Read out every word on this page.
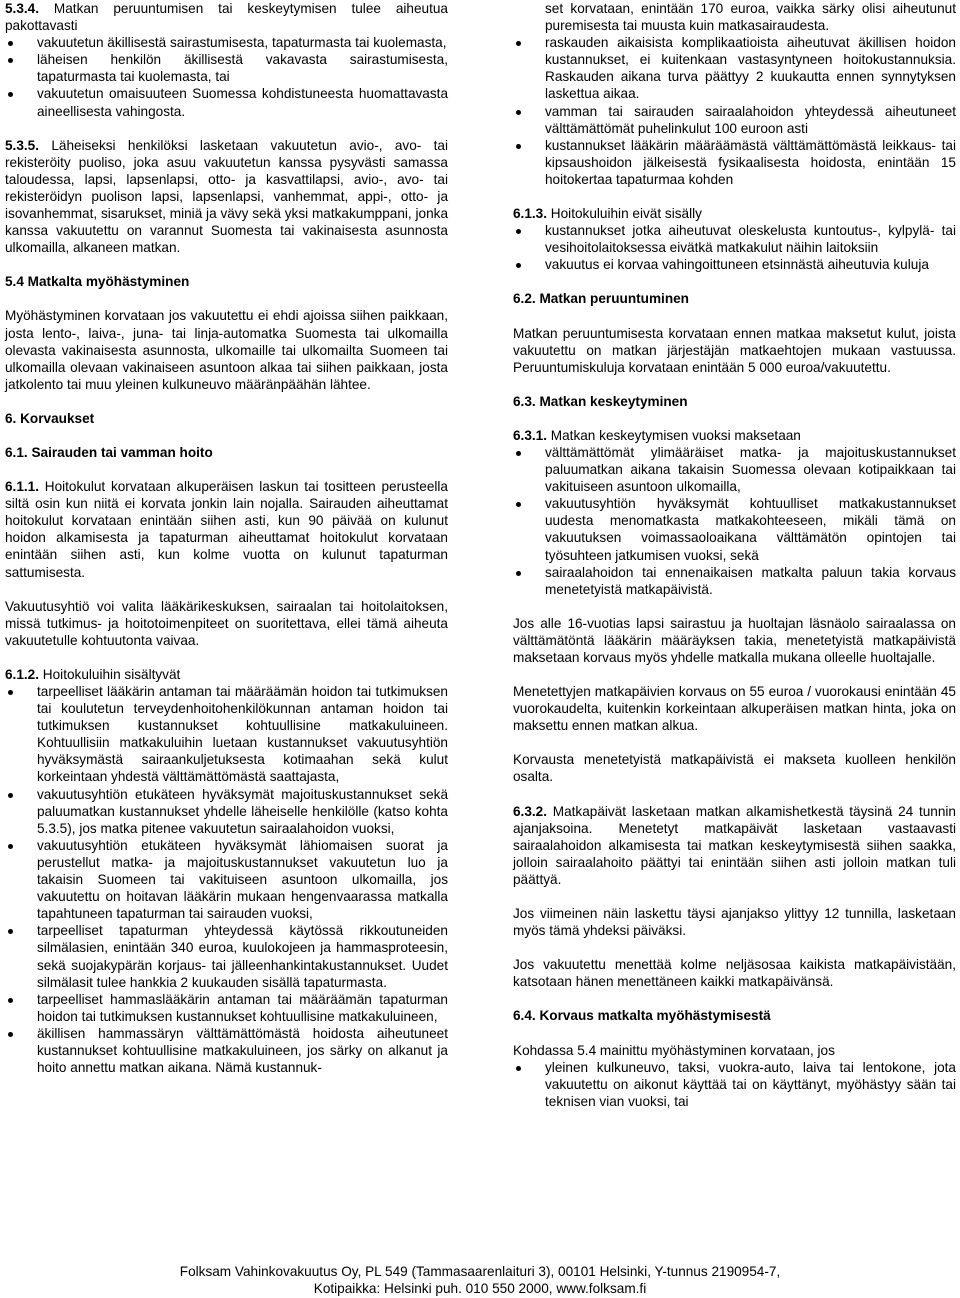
5.3.4. Matkan peruuntumisen tai keskeytymisen tulee aiheutua pakottavasti

vakuutetun äkillisestä sairastumisesta, tapaturmasta tai kuolemasta,
läheisen henkilön äkillisestä vakavasta sairastumisesta, tapaturmasta tai kuolemasta, tai
vakuutetun omaisuuteen Suomessa kohdistuneesta huomattavasta aineellisesta vahingosta.

5.3.5. Läheiseksi henkilöksi lasketaan vakuutetun avio-, avo- tai rekisteröity puoliso, joka asuu vakuutetun kanssa pysyvästi samassa taloudessa, lapsi, lapsenlapsi, otto- ja kasvattilapsi, avio-, avo- tai rekisteröidyn puolison lapsi, lapsenlapsi, vanhemmat, appi-, otto- ja isovanhemmat, sisarukset, miniä ja vävy sekä yksi matkakumppani, jonka kanssa vakuutettu on varannut Suomesta tai vakinaisesta asunnosta ulkomailla, alkaneen matkan.

5.4 Matkalta myöhästyminen

Myöhästyminen korvataan jos vakuutettu ei ehdi ajoissa siihen paikkaan, josta lento-, laiva-, juna- tai linja-automatka Suomesta tai ulkomailla olevasta vakinaisesta asunnosta, ulkomaille tai ulkomailta Suomeen tai ulkomailla olevaan vakinaiseen asuntoon alkaa tai siihen paikkaan, josta jatkolento tai muu yleinen kulkuneuvo määränpäähän lähtee.

6. Korvaukset
6.1. Sairauden tai vamman hoito

6.1.1. Hoitokulut korvataan alkuperäisen laskun tai tositteen perusteella siltä osin kun niitä ei korvata jonkin lain nojalla. Sairauden aiheuttamat hoitokulut korvataan enintään siihen asti, kun 90 päivää on kulunut hoidon alkamisesta ja tapaturman aiheuttamat hoitokulut korvataan enintään siihen asti, kun kolme vuotta on kulunut tapaturman sattumisesta.

Vakuutusyhtiö voi valita lääkärikeskuksen, sairaalan tai hoitolaitoksen, missä tutkimus- ja hoitotoimenpiteet on suoritettava, ellei tämä aiheuta vakuutetulle kohtuutonta vaivaa.

6.1.2. Hoitokuluihin sisältyvät

tarpeelliset lääkärin antaman tai määräämän hoidon tai tutkimuksen tai koulutetun terveydenhoitohenkilökunnan antaman hoidon tai tutkimuksen kustannukset kohtuullisine matkakuluineen. Kohtuullisiin matkakuluihin luetaan kustannukset vakuutusyhtiön hyväksymästä sairaankuljetuksesta kotimaahan sekä kulut korkeintaan yhdestä välttämättömästä saattajasta,
vakuutusyhtiön etukäteen hyväksymät majoituskustannukset sekä paluumatkan kustannukset yhdelle läheiselle henkilölle (katso kohta 5.3.5), jos matka pitenee vakuutetun sairaalahoidon vuoksi,
vakuutusyhtiön etukäteen hyväksymät lähiomaisen suorat ja perustellut matka- ja majoituskustannukset vakuutetun luo ja takaisin Suomeen tai vakituiseen asuntoon ulkomailla, jos vakuutettu on hoitavan lääkärin mukaan hengenvaarassa matkalla tapahtuneen tapaturman tai sairauden vuoksi,
tarpeelliset tapaturman yhteydessä käytössä rikkoutuneiden silmälasien, enintään 340 euroa, kuulokojeen ja hammasproteesin, sekä suojakypärän korjaus- tai jälleenhankintakustannukset. Uudet silmälasit tulee hankkia 2 kuukauden sisällä tapaturmasta.
tarpeelliset hammaslääkärin antaman tai määräämän tapaturman hoidon tai tutkimuksen kustannukset kohtuullisine matkakuluineen,
äkillisen hammassäryn välttämättömästä hoidosta aiheutuneet kustannukset kohtuullisine matkakuluineen, jos särky on alkanut ja hoito annettu matkan aikana. Nämä kustannuk-
set korvataan, enintään 170 euroa, vaikka särky olisi aiheutunut puremisesta tai muusta kuin matkasairaudesta.
raskauden aikaisista komplikaatioista aiheutuvat äkillisen hoidon kustannukset, ei kuitenkaan vastasyntyneen hoitokustannuksia. Raskauden aikana turva päättyy 2 kuukautta ennen synnytyksen laskettua aikaa.
vamman tai sairauden sairaalahoidon yhteydessä aiheutuneet välttämättömät puhelinkulut 100 euroon asti
kustannukset lääkärin määräämästä välttämättömästä leikkaus- tai kipsaushoidon jälkeisestä fysikaalisesta hoidosta, enintään 15 hoitokertaa tapaturmaa kohden

6.1.3. Hoitokuluihin eivät sisälly

kustannukset jotka aiheutuvat oleskelusta kuntoutus-, kylpylä- tai vesihoitolaitoksessa eivätkä matkakulut näihin laitoksiin
vakuutus ei korvaa vahingoittuneen etsinnästä aiheutuvia kuluja
6.2. Matkan peruuntuminen

Matkan peruuntumisesta korvataan ennen matkaa maksetut kulut, joista vakuutettu on matkan järjestäjän matkaehtojen mukaan vastuussa. Peruuntumiskuluja korvataan enintään 5 000 euroa/vakuutettu.

6.3. Matkan keskeytyminen

6.3.1. Matkan keskeytymisen vuoksi maksetaan

välttämättömät ylimääräiset matka- ja majoituskustannukset paluumatkan aikana takaisin Suomessa olevaan kotipaikkaan tai vakituiseen asuntoon ulkomailla,
vakuutusyhtiön hyväksymät kohtuulliset matkakustannukset uudesta menomatkasta matkakohteeseen, mikäli tämä on vakuutuksen voimassaoloaikana välttämätön opintojen tai työsuhteen jatkumisen vuoksi, sekä
sairaalahoidon tai ennenaikaisen matkalta paluun takia korvaus menetetyistä matkapäivistä.

Jos alle 16-vuotias lapsi sairastuu ja huoltajan läsnäolo sairaalassa on välttämätöntä lääkärin määräyksen takia, menetetyistä matkapäivistä maksetaan korvaus myös yhdelle matkalla mukana olleelle huoltajalle.

Menetettyjen matkapäivien korvaus on 55 euroa / vuorokausi enintään 45 vuorokaudelta, kuitenkin korkeintaan alkuperäisen matkan hinta, joka on maksettu ennen matkan alkua.

Korvausta menetetyistä matkapäivistä ei makseta kuolleen henkilön osalta.

6.3.2. Matkapäivät lasketaan matkan alkamishetkestä täysinä 24 tunnin ajanjaksoina. Menetetyt matkapäivät lasketaan vastaavasti sairaalahoidon alkamisesta tai matkan keskeytymisestä siihen saakka, jolloin sairaalahoito päättyi tai enintään siihen asti jolloin matkan tuli päättyä.

Jos viimeinen näin laskettu täysi ajanjakso ylittyy 12 tunnilla, lasketaan myös tämä yhdeksi päiväksi.

Jos vakuutettu menettää kolme neljäsosaa kaikista matkapäivistään, katsotaan hänen menettäneen kaikki matkapäivänsä.

6.4. Korvaus matkalta myöhästymisestä

Kohdassa 5.4 mainittu myöhästyminen korvataan, jos

yleinen kulkuneuvo, taksi, vuokra-auto, laiva tai lentokone, jota vakuutettu on aikonut käyttää tai on käyttänyt, myöhästyy sään tai teknisen vian vuoksi, tai
Folksam Vahinkovakuutus Oy, PL 549 (Tammasaarenlaituri 3), 00101 Helsinki, Y-tunnus 2190954-7,
Kotipaikka: Helsinki puh. 010 550 2000, www.folksam.fi
